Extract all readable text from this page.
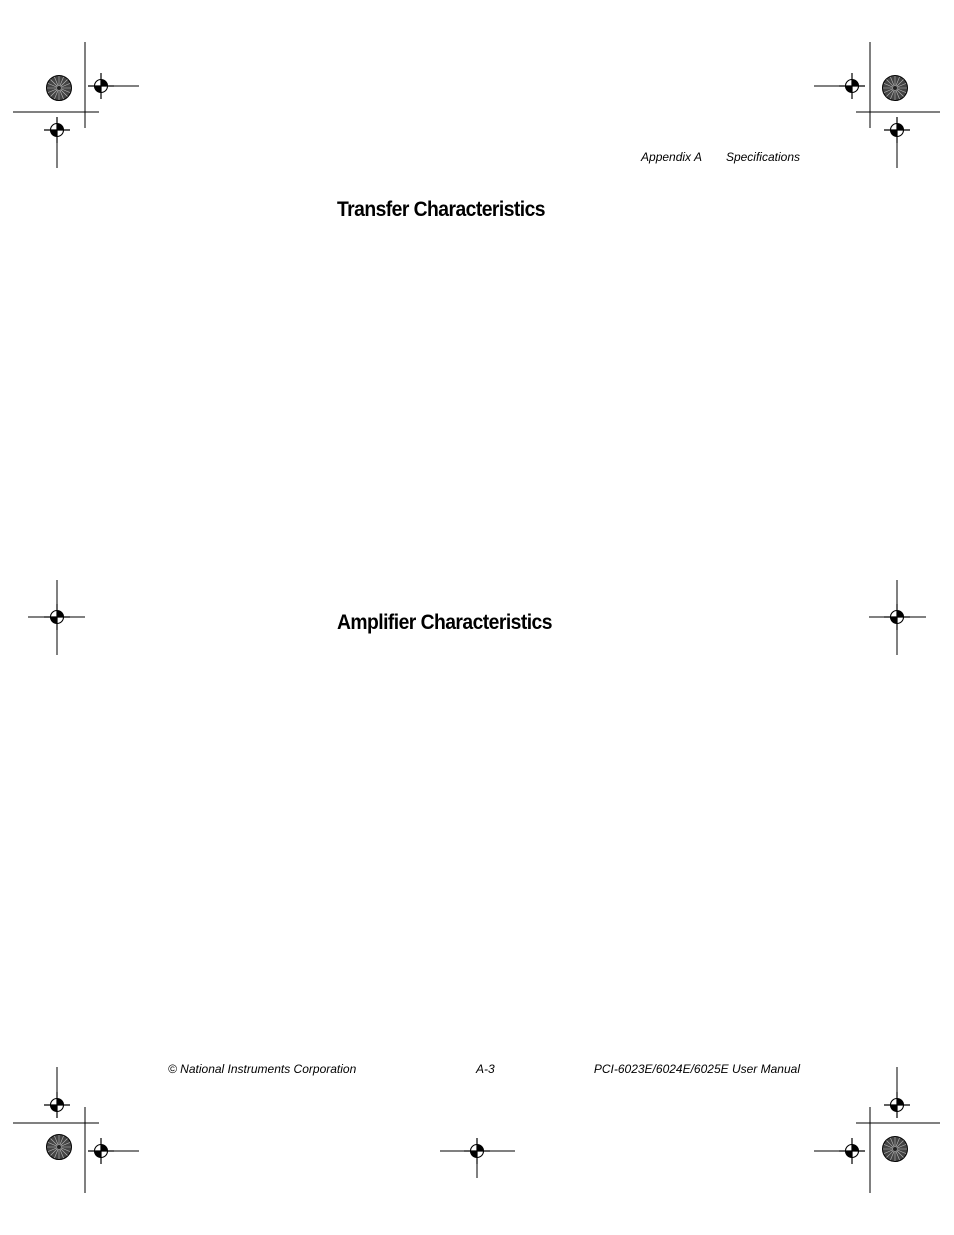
Appendix A Specifications
Transfer Characteristics
Amplifier Characteristics
© National Instruments Corporation	A-3	PCI-6023E/6024E/6025E User Manual
